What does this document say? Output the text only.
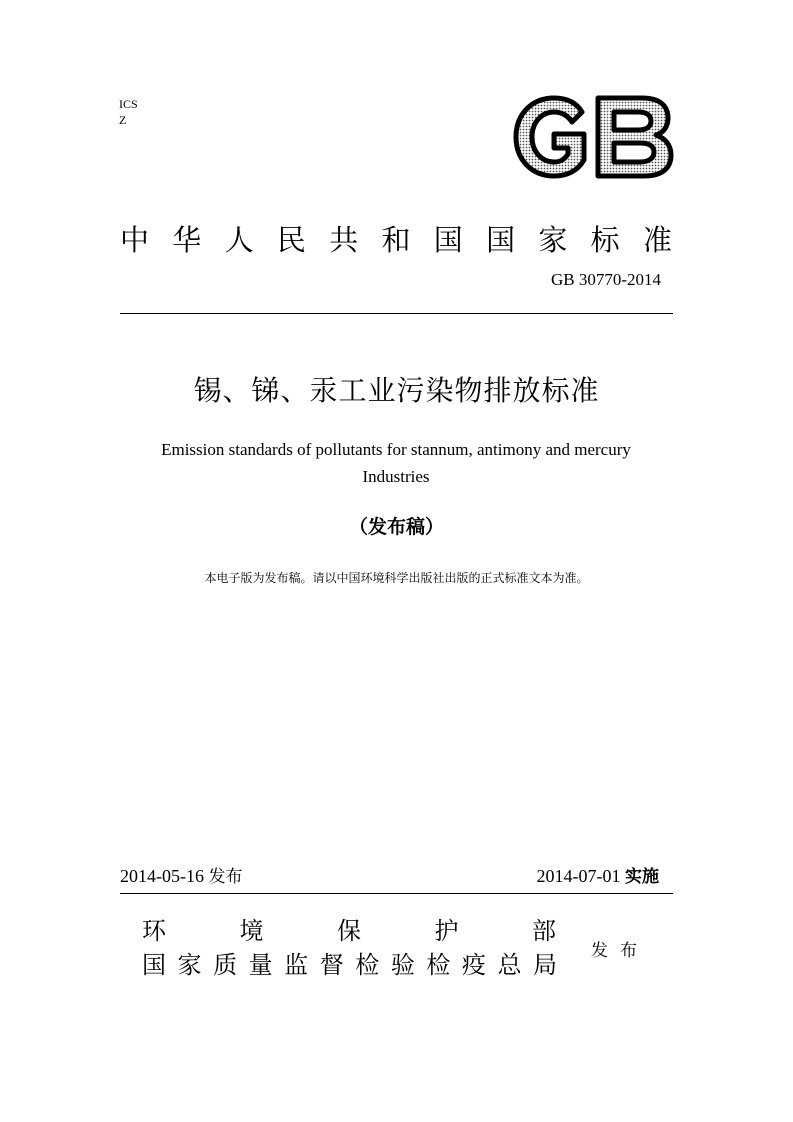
ICS
Z
中华人民共和国国家标准
GB 30770-2014
锡、锑、汞工业污染物排放标准
Emission standards of pollutants for stannum, antimony and mercury
Industries
（发布稿）
本电子版为发布稿。请以中国环境科学出版社出版的正式标准文本为准。
2014-05-16 发布	2014-07-01 实施
环 境 保 护 部
国家质量监督检验检疫总局 发布
